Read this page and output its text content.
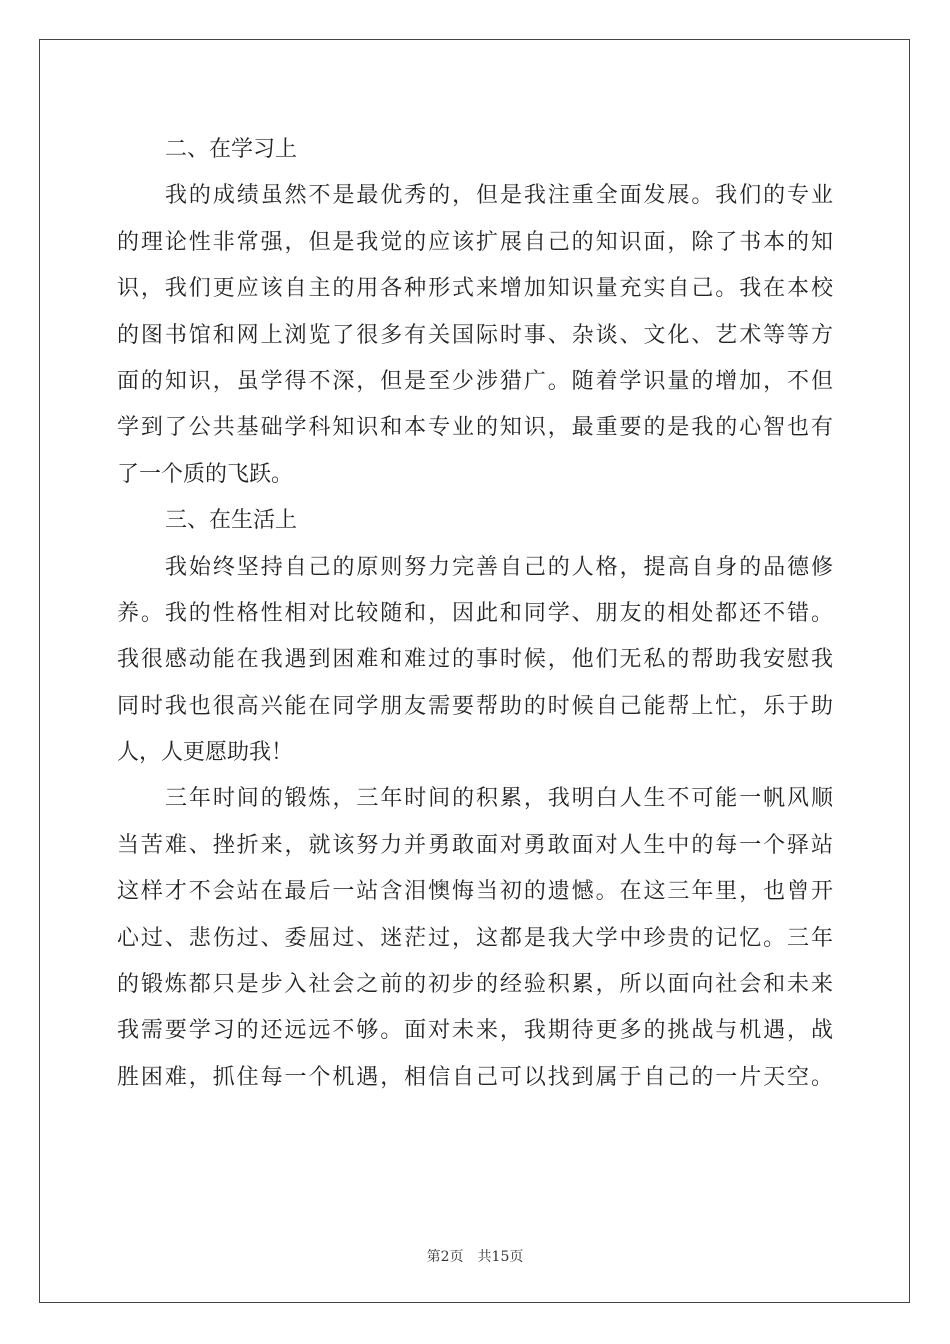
二、在学习上
我的成绩虽然不是最优秀的，但是我注重全面发展。我们的专业
的理论性非常强，但是我觉的应该扩展自己的知识面，除了书本的知
识，我们更应该自主的用各种形式来增加知识量充实自己。我在本校
的图书馆和网上浏览了很多有关国际时事、杂谈、文化、艺术等等方
面的知识，虽学得不深，但是至少涉猎广。随着学识量的增加，不但
学到了公共基础学科知识和本专业的知识，最重要的是我的心智也有
了一个质的飞跃。
三、在生活上
我始终坚持自己的原则努力完善自己的人格，提高自身的品德修
养。我的性格性相对比较随和，因此和同学、朋友的相处都还不错。
我很感动能在我遇到困难和难过的事时候，他们无私的帮助我安慰我
同时我也很高兴能在同学朋友需要帮助的时候自己能帮上忙，乐于助
人，人更愿助我！
三年时间的锻炼，三年时间的积累，我明白人生不可能一帆风顺
当苦难、挫折来，就该努力并勇敢面对勇敢面对人生中的每一个驿站
这样才不会站在最后一站含泪懊悔当初的遗憾。在这三年里，也曾开
心过、悲伤过、委屈过、迷茫过，这都是我大学中珍贵的记忆。三年
的锻炼都只是步入社会之前的初步的经验积累，所以面向社会和未来
我需要学习的还远远不够。面对未来，我期待更多的挑战与机遇，战
胜困难，抓住每一个机遇，相信自己可以找到属于自己的一片天空。
第2页 共15页
